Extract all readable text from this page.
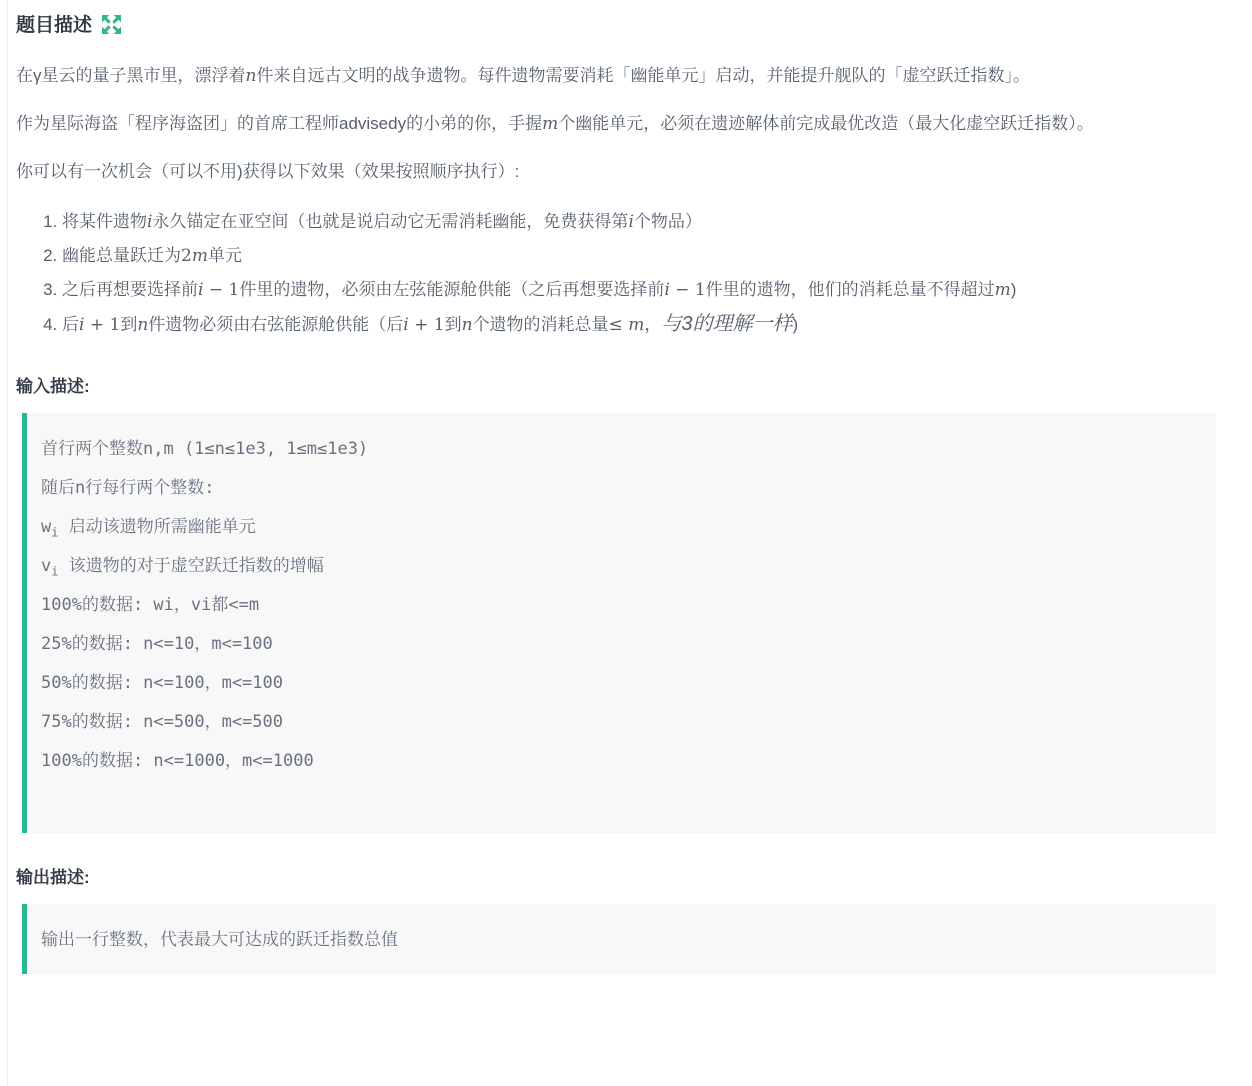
题目描述

在γ星云的量子黑市里，漂浮着n件来自远古文明的战争遗物。每件遗物需要消耗「幽能单元」启动，并能提升舰队的「虚空跃迁指数」。

作为星际海盗「程序海盗团」的首席工程师advisedy的小弟的你，手握m个幽能单元，必须在遗迹解体前完成最优改造（最大化虚空跃迁指数）。

你可以有一次机会（可以不用)获得以下效果（效果按照顺序执行）:

1. 将某件遗物i永久锚定在亚空间（也就是说启动它无需消耗幽能，免费获得第i个物品）
2. 幽能总量跃迁为2m单元
3. 之后再想要选择前i − 1件里的遗物，必须由左弦能源舱供能（之后再想要选择前i − 1件里的遗物，他们的消耗总量不得超过m)
4. 后i + 1到n件遗物必须由右弦能源舱供能（后i + 1到n个遗物的消耗总量≤ m，与3的理解一样)
输入描述:
首行两个整数n,m (1≤n≤1e3, 1≤m≤1e3)
随后n行每行两个整数:
$w_i$ 启动该遗物所需幽能单元
$v_i$ 该遗物的对于虚空跃迁指数的增幅
100%的数据: wi，vi都<=m
25%的数据: n<=10，m<=100
50%的数据: n<=100，m<=100
75%的数据: n<=500，m<=500
100%的数据: n<=1000，m<=1000
输出描述:
输出一行整数，代表最大可达成的跃迁指数总值
